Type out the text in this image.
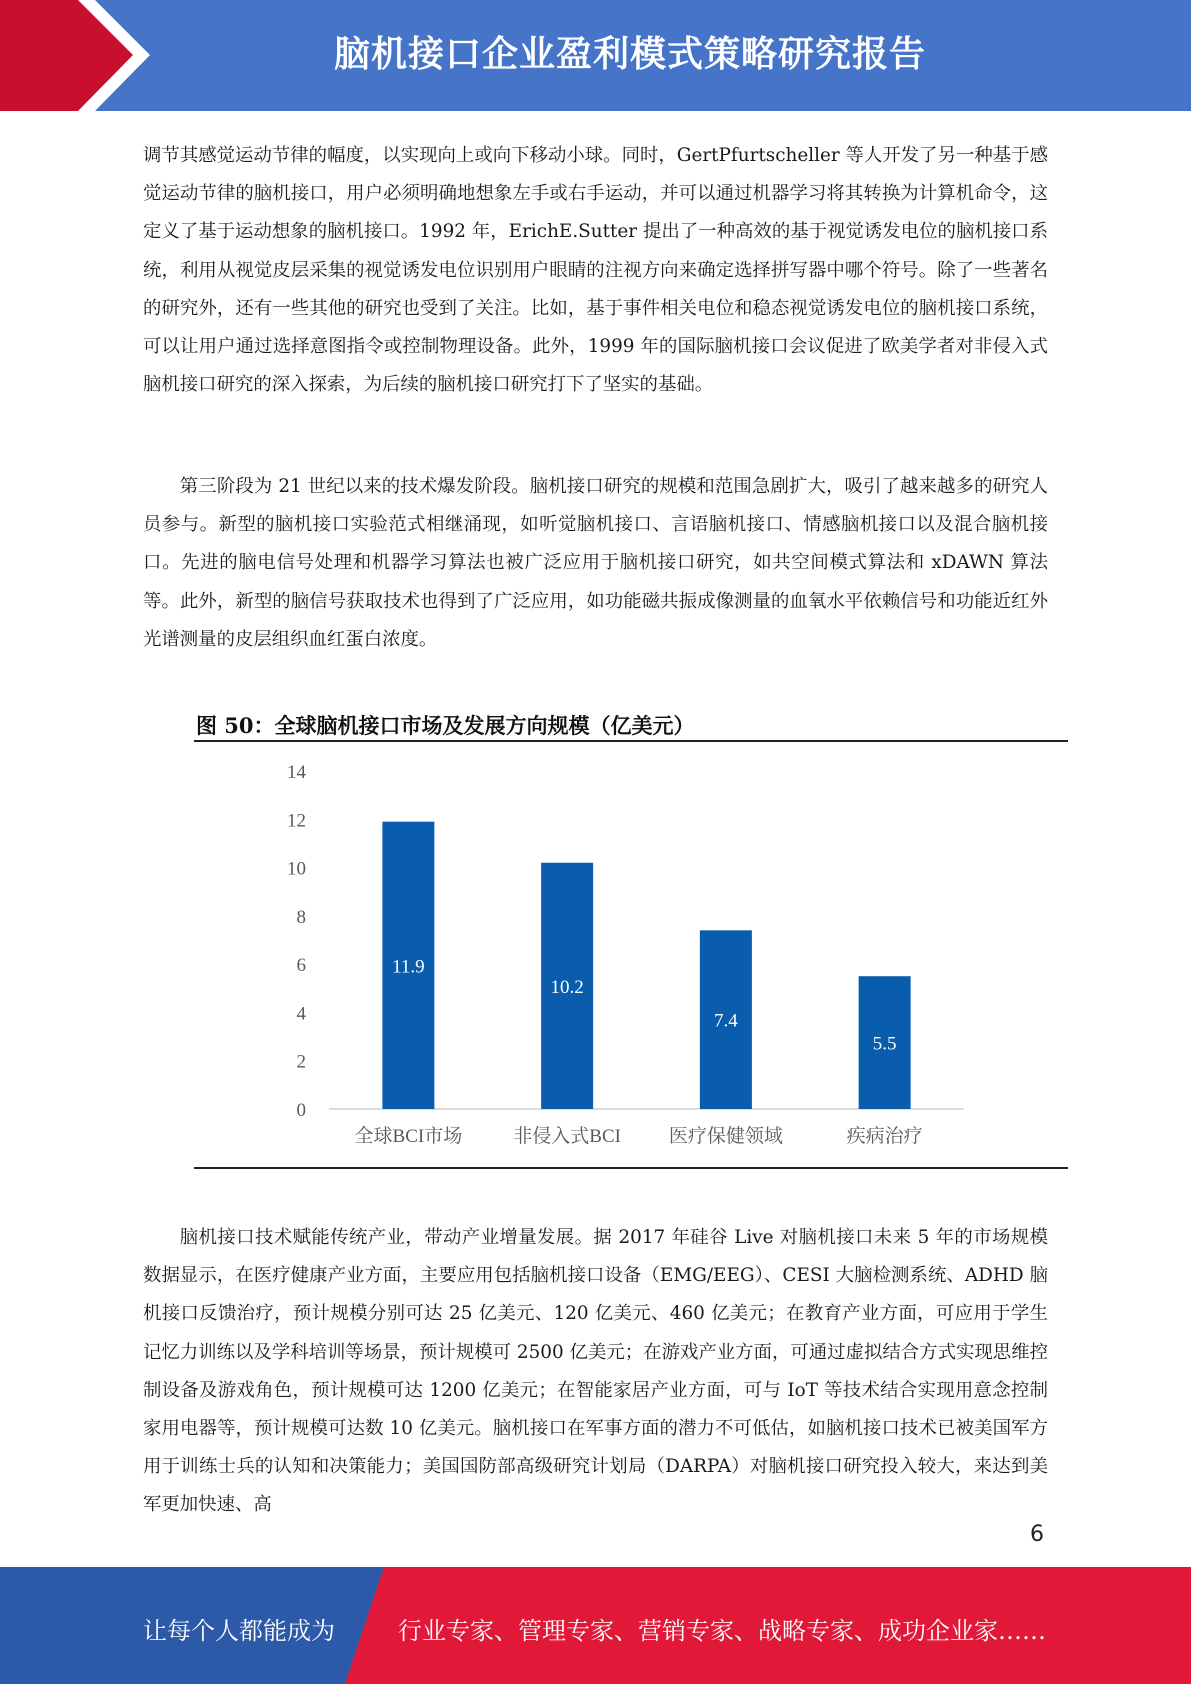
脑机接口企业盈利模式策略研究报告

调节其感觉运动节律的幅度，以实现向上或向下移动小球。同时，GertPfurtscheller 等人开发了另一种基于感觉运动节律的脑机接口，用户必须明确地想象左手或右手运动，并可以通过机器学习将其转换为计算机命令，这定义了基于运动想象的脑机接口。1992 年，ErichE.Sutter 提出了一种高效的基于视觉诱发电位的脑机接口系统，利用从视觉皮层采集的视觉诱发电位识别用户眼睛的注视方向来确定选择拼写器中哪个符号。除了一些著名的研究外，还有一些其他的研究也受到了关注。比如，基于事件相关电位和稳态视觉诱发电位的脑机接口系统，可以让用户通过选择意图指令或控制物理设备。此外，1999 年的国际脑机接口会议促进了欧美学者对非侵入式脑机接口研究的深入探索，为后续的脑机接口研究打下了坚实的基础。

第三阶段为 21 世纪以来的技术爆发阶段。脑机接口研究的规模和范围急剧扩大，吸引了越来越多的研究人员参与。新型的脑机接口实验范式相继涌现，如听觉脑机接口、言语脑机接口、情感脑机接口以及混合脑机接口。先进的脑电信号处理和机器学习算法也被广泛应用于脑机接口研究，如共空间模式算法和 xDAWN 算法等。此外，新型的脑信号获取技术也得到了广泛应用，如功能磁共振成像测量的血氧水平依赖信号和功能近红外光谱测量的皮层组织血红蛋白浓度。

图 50：全球脑机接口市场及发展方向规模（亿美元）
0
2
4
6
8
10
12
14
11.9
10.2
7.4
5.5
全球BCI市场	非侵入式BCI	医疗保健领域	疾病治疗

脑机接口技术赋能传统产业，带动产业增量发展。据 2017 年硅谷 Live 对脑机接口未来 5 年的市场规模数据显示，在医疗健康产业方面，主要应用包括脑机接口设备（EMG/EEG）、CESI 大脑检测系统、ADHD 脑机接口反馈治疗，预计规模分别可达 25 亿美元、120 亿美元、460 亿美元；在教育产业方面，可应用于学生记忆力训练以及学科培训等场景，预计规模可 2500 亿美元；在游戏产业方面，可通过虚拟结合方式实现思维控制设备及游戏角色，预计规模可达 1200 亿美元；在智能家居产业方面，可与 IoT 等技术结合实现用意念控制家用电器等，预计规模可达数 10 亿美元。脑机接口在军事方面的潜力不可低估，如脑机接口技术已被美国军方用于训练士兵的认知和决策能力；美国国防部高级研究计划局（DARPA）对脑机接口研究投入较大，来达到美军更加快速、高

6
让每个人都能成为	行业专家、管理专家、营销专家、战略专家、成功企业家……
